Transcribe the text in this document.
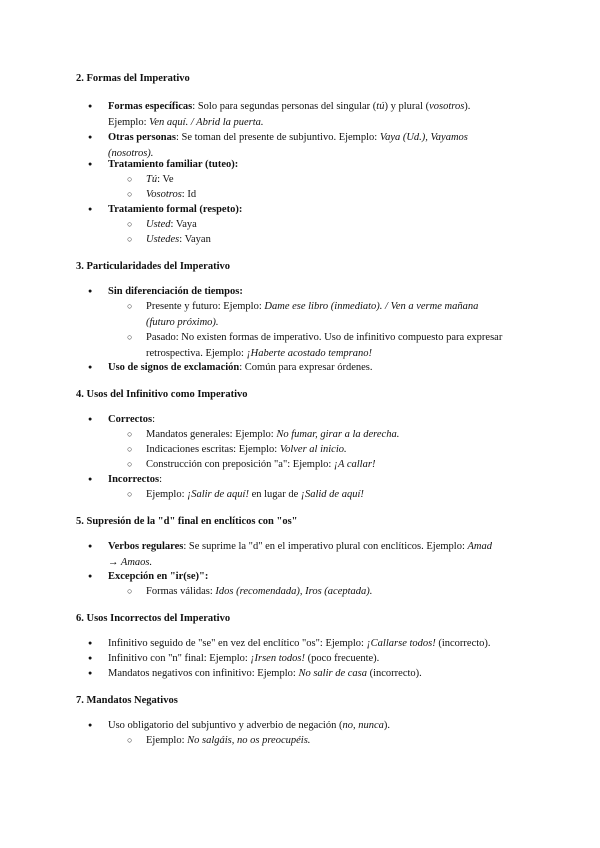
2. Formas del Imperativo
●
Formas específicas: Solo para segundas personas del singular (tú) y plural (vosotros).
Ejemplo: Ven aquí. / Abrid la puerta.
●
Otras personas: Se toman del presente de subjuntivo. Ejemplo: Vaya (Ud.), Vayamos
(nosotros).
●
Tratamiento familiar (tuteo):
○	Tú: Ve
○	Vosotros: Id
●
Tratamiento formal (respeto):
○	Usted: Vaya
○	Ustedes: Vayan
3. Particularidades del Imperativo
●
Sin diferenciación de tiempos:
○	Presente y futuro: Ejemplo: Dame ese libro (inmediato). / Ven a verme mañana
(futuro próximo).
○	Pasado: No existen formas de imperativo. Uso de infinitivo compuesto para expresar
retrospectiva. Ejemplo: ¡Haberte acostado temprano!
●
Uso de signos de exclamación: Común para expresar órdenes.
4. Usos del Infinitivo como Imperativo
●
Correctos:
○	Mandatos generales: Ejemplo: No fumar, girar a la derecha.
○	Indicaciones escritas: Ejemplo: Volver al inicio.
○	Construcción con preposición "a": Ejemplo: ¡A callar!
●
Incorrectos:
○	Ejemplo: ¡Salir de aquí! en lugar de ¡Salid de aquí!
5. Supresión de la "d" final en enclíticos con "os"
●
Verbos regulares: Se suprime la "d" en el imperativo plural con enclíticos. Ejemplo: Amad
→ Amaos.
●
Excepción en "ir(se)":
○	Formas válidas: Idos (recomendada), Iros (aceptada).
6. Usos Incorrectos del Imperativo
●
Infinitivo seguido de "se" en vez del enclítico "os": Ejemplo: ¡Callarse todos! (incorrecto).
●
Infinitivo con "n" final: Ejemplo: ¡Irsen todos! (poco frecuente).
●
Mandatos negativos con infinitivo: Ejemplo: No salir de casa (incorrecto).
7. Mandatos Negativos
●
Uso obligatorio del subjuntivo y adverbio de negación (no, nunca).
○	Ejemplo: No salgáis, no os preocupéis.
